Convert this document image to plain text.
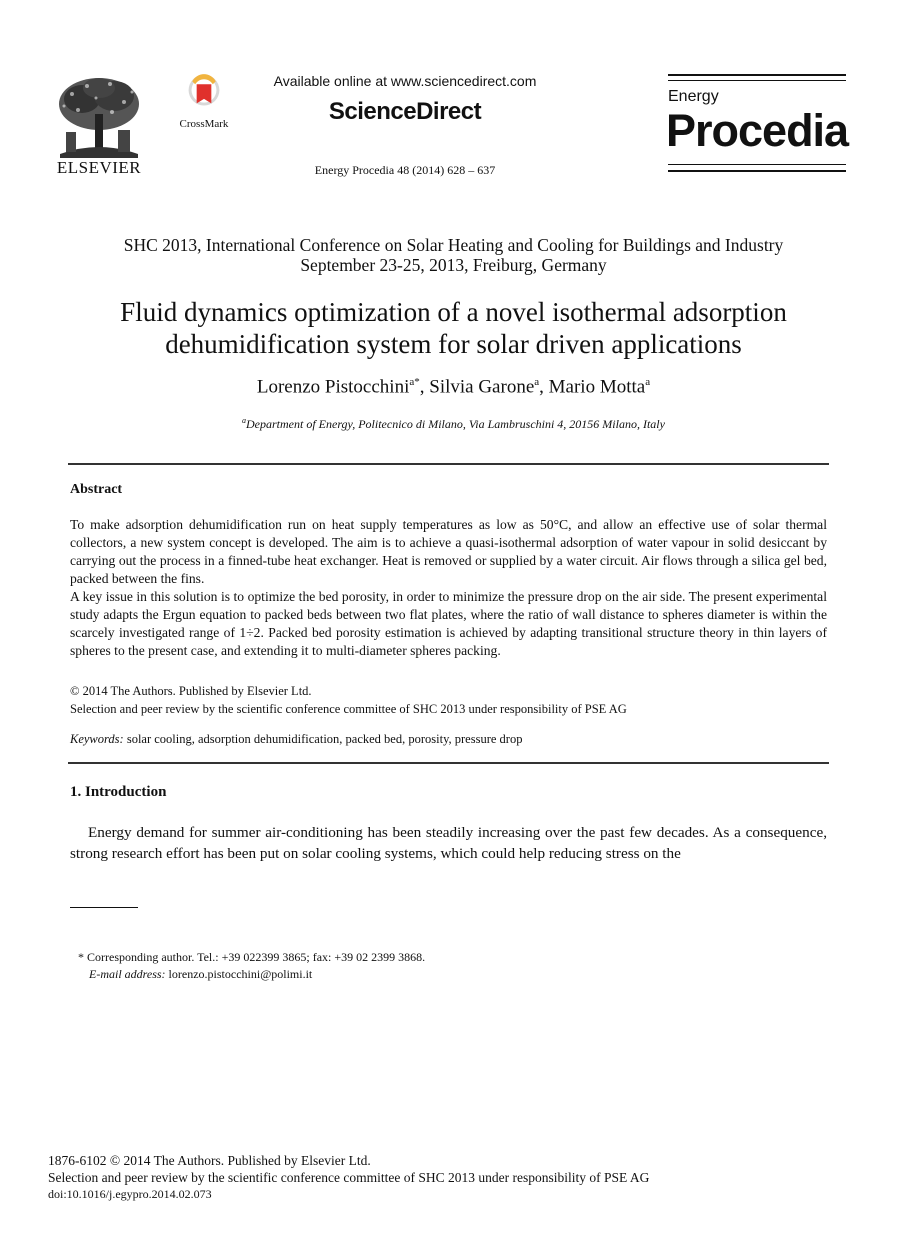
ELSEVIER
CrossMark
Available online at www.sciencedirect.com
ScienceDirect
Energy Procedia 48 (2014) 628 – 637
Energy
Procedia
SHC 2013, International Conference on Solar Heating and Cooling for Buildings and Industry
September 23-25, 2013, Freiburg, Germany
Fluid dynamics optimization of a novel isothermal adsorption
dehumidification system for solar driven applications
Lorenzo Pistocchini$^{a*}$, Silvia Garone$^a$, Mario Motta$^a$
$^a$Department of Energy, Politecnico di Milano, Via Lambruschini 4, 20156 Milano, Italy
Abstract

To make adsorption dehumidification run on heat supply temperatures as low as 50°C, and allow an effective use of solar thermal collectors, a new system concept is developed. The aim is to achieve a quasi-isothermal adsorption of water vapour in solid desiccant by carrying out the process in a finned-tube heat exchanger. Heat is removed or supplied by a water circuit. Air flows through a silica gel bed, packed between the fins.

A key issue in this solution is to optimize the bed porosity, in order to minimize the pressure drop on the air side. The present experimental study adapts the Ergun equation to packed beds between two flat plates, where the ratio of wall distance to spheres diameter is within the scarcely investigated range of 1÷2. Packed bed porosity estimation is achieved by adapting transitional structure theory in thin layers of spheres to the present case, and extending it to multi-diameter spheres packing.

© 2014 The Authors. Published by Elsevier Ltd.
Selection and peer review by the scientific conference committee of SHC 2013 under responsibility of PSE AG
Keywords: solar cooling, adsorption dehumidification, packed bed, porosity, pressure drop
1. Introduction
Energy demand for summer air-conditioning has been steadily increasing over the past few decades. As a consequence, strong research effort has been put on solar cooling systems, which could help reducing stress on the
* Corresponding author. Tel.: +39 022399 3865; fax: +39 02 2399 3868.
E-mail address: lorenzo.pistocchini@polimi.it
1876-6102 © 2014 The Authors. Published by Elsevier Ltd.
Selection and peer review by the scientific conference committee of SHC 2013 under responsibility of PSE AG
doi:10.1016/j.egypro.2014.02.073
